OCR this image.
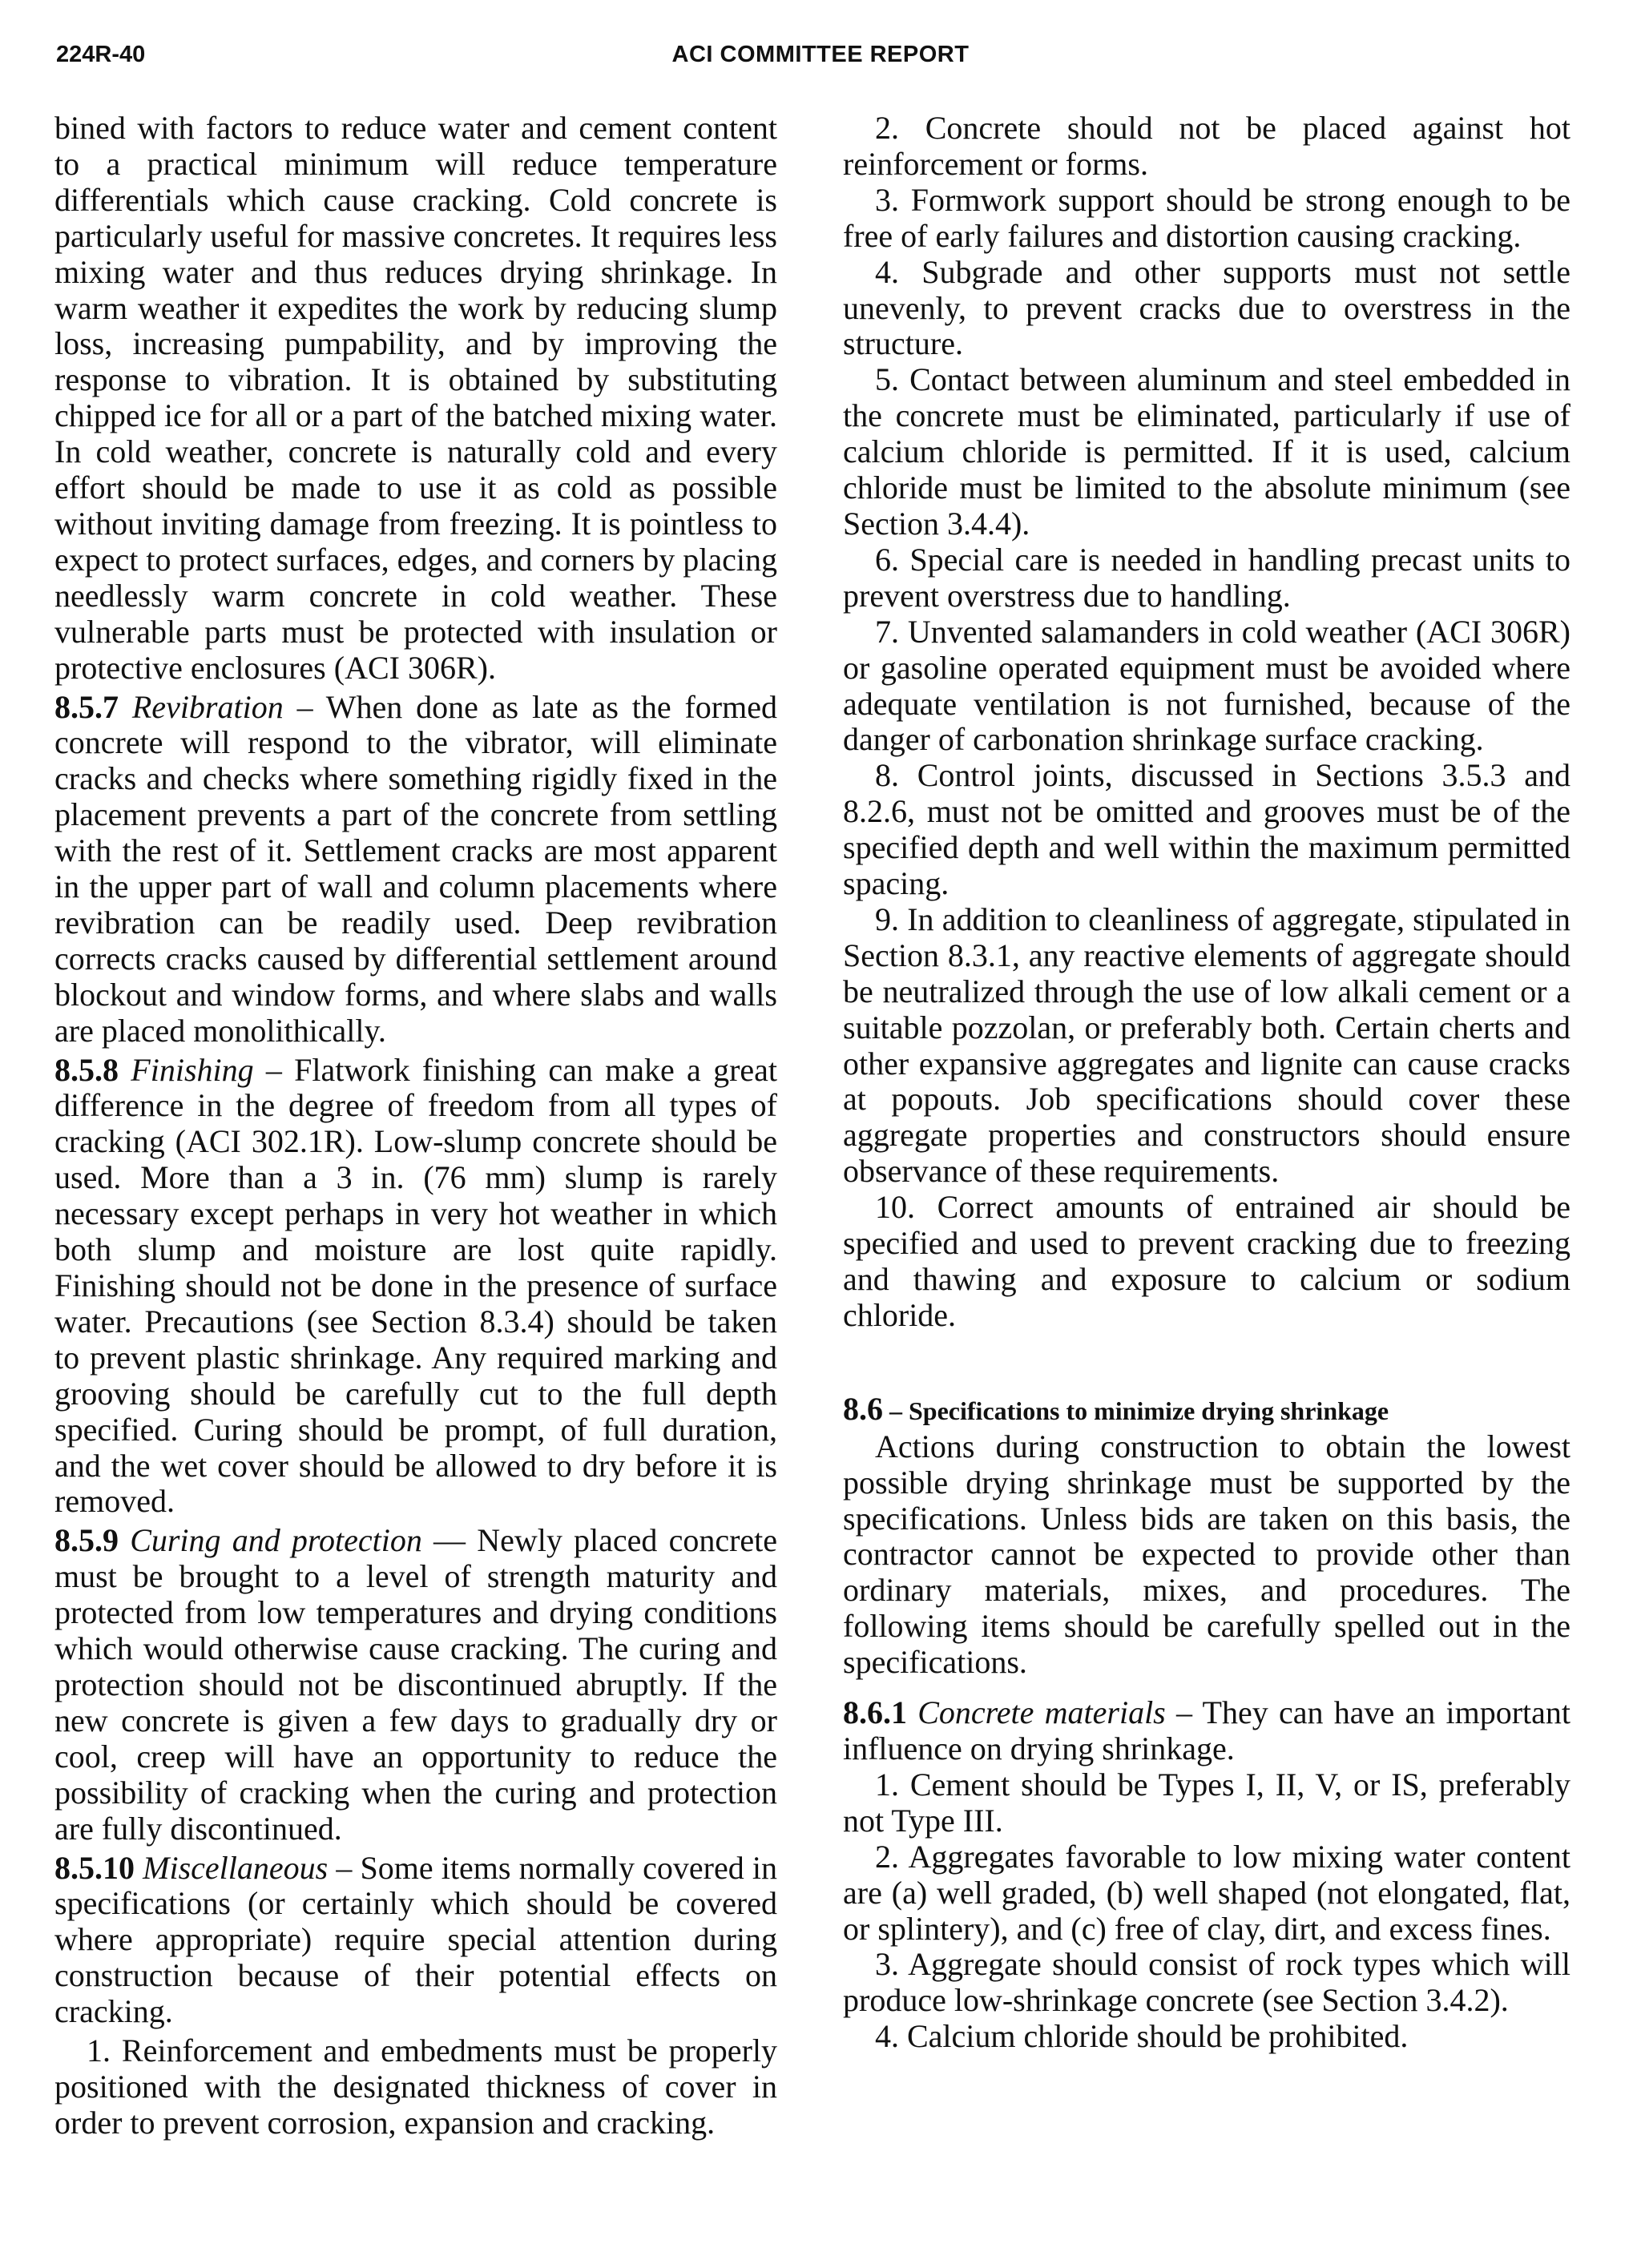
224R-40	ACI COMMITTEE REPORT

bined with factors to reduce water and cement content to a practical minimum will reduce temperature differentials which cause cracking. Cold concrete is particularly useful for massive concretes. It requires less mixing water and thus reduces drying shrinkage. In warm weather it expedites the work by reducing slump loss, increasing pumpability, and by improving the response to vibration. It is obtained by substituting chipped ice for all or a part of the batched mixing water. In cold weather, concrete is naturally cold and every effort should be made to use it as cold as possible without inviting damage from freezing. It is pointless to expect to protect surfaces, edges, and corners by placing needlessly warm concrete in cold weather. These vulnerable parts must be protected with insulation or protective enclosures (ACI 306R).

8.5.7 Revibration – When done as late as the formed concrete will respond to the vibrator, will eliminate cracks and checks where something rigidly fixed in the placement prevents a part of the concrete from settling with the rest of it. Settlement cracks are most apparent in the upper part of wall and column placements where revibration can be readily used. Deep revibration corrects cracks caused by differential settlement around blockout and window forms, and where slabs and walls are placed monolithically.

8.5.8 Finishing – Flatwork finishing can make a great difference in the degree of freedom from all types of cracking (ACI 302.1R). Low-slump concrete should be used. More than a 3 in. (76 mm) slump is rarely necessary except perhaps in very hot weather in which both slump and moisture are lost quite rapidly. Finishing should not be done in the presence of surface water. Precautions (see Section 8.3.4) should be taken to prevent plastic shrinkage. Any required marking and grooving should be carefully cut to the full depth specified. Curing should be prompt, of full duration, and the wet cover should be allowed to dry before it is removed.

8.5.9 Curing and protection — Newly placed concrete must be brought to a level of strength maturity and protected from low temperatures and drying conditions which would otherwise cause cracking. The curing and protection should not be discontinued abruptly. If the new concrete is given a few days to gradually dry or cool, creep will have an opportunity to reduce the possibility of cracking when the curing and protection are fully discontinued.

8.5.10 Miscellaneous – Some items normally covered in specifications (or certainly which should be covered where appropriate) require special attention during construction because of their potential effects on cracking.

1. Reinforcement and embedments must be properly positioned with the designated thickness of cover in order to prevent corrosion, expansion and cracking.

2. Concrete should not be placed against hot reinforcement or forms.

3. Formwork support should be strong enough to be free of early failures and distortion causing cracking.

4. Subgrade and other supports must not settle unevenly, to prevent cracks due to overstress in the structure.

5. Contact between aluminum and steel embedded in the concrete must be eliminated, particularly if use of calcium chloride is permitted. If it is used, calcium chloride must be limited to the absolute minimum (see Section 3.4.4).

6. Special care is needed in handling precast units to prevent overstress due to handling.

7. Unvented salamanders in cold weather (ACI 306R) or gasoline operated equipment must be avoided where adequate ventilation is not furnished, because of the danger of carbonation shrinkage surface cracking.

8. Control joints, discussed in Sections 3.5.3 and 8.2.6, must not be omitted and grooves must be of the specified depth and well within the maximum permitted spacing.

9. In addition to cleanliness of aggregate, stipulated in Section 8.3.1, any reactive elements of aggregate should be neutralized through the use of low alkali cement or a suitable pozzolan, or preferably both. Certain cherts and other expansive aggregates and lignite can cause cracks at popouts. Job specifications should cover these aggregate properties and constructors should ensure observance of these requirements.

10. Correct amounts of entrained air should be specified and used to prevent cracking due to freezing and thawing and exposure to calcium or sodium chloride.

8.6 – Specifications to minimize drying shrinkage

Actions during construction to obtain the lowest possible drying shrinkage must be supported by the specifications. Unless bids are taken on this basis, the contractor cannot be expected to provide other than ordinary materials, mixes, and procedures. The following items should be carefully spelled out in the specifications.

8.6.1 Concrete materials – They can have an important influence on drying shrinkage.

1. Cement should be Types I, II, V, or IS, preferably not Type III.

2. Aggregates favorable to low mixing water content are (a) well graded, (b) well shaped (not elongated, flat, or splintery), and (c) free of clay, dirt, and excess fines.

3. Aggregate should consist of rock types which will produce low-shrinkage concrete (see Section 3.4.2).

4. Calcium chloride should be prohibited.
